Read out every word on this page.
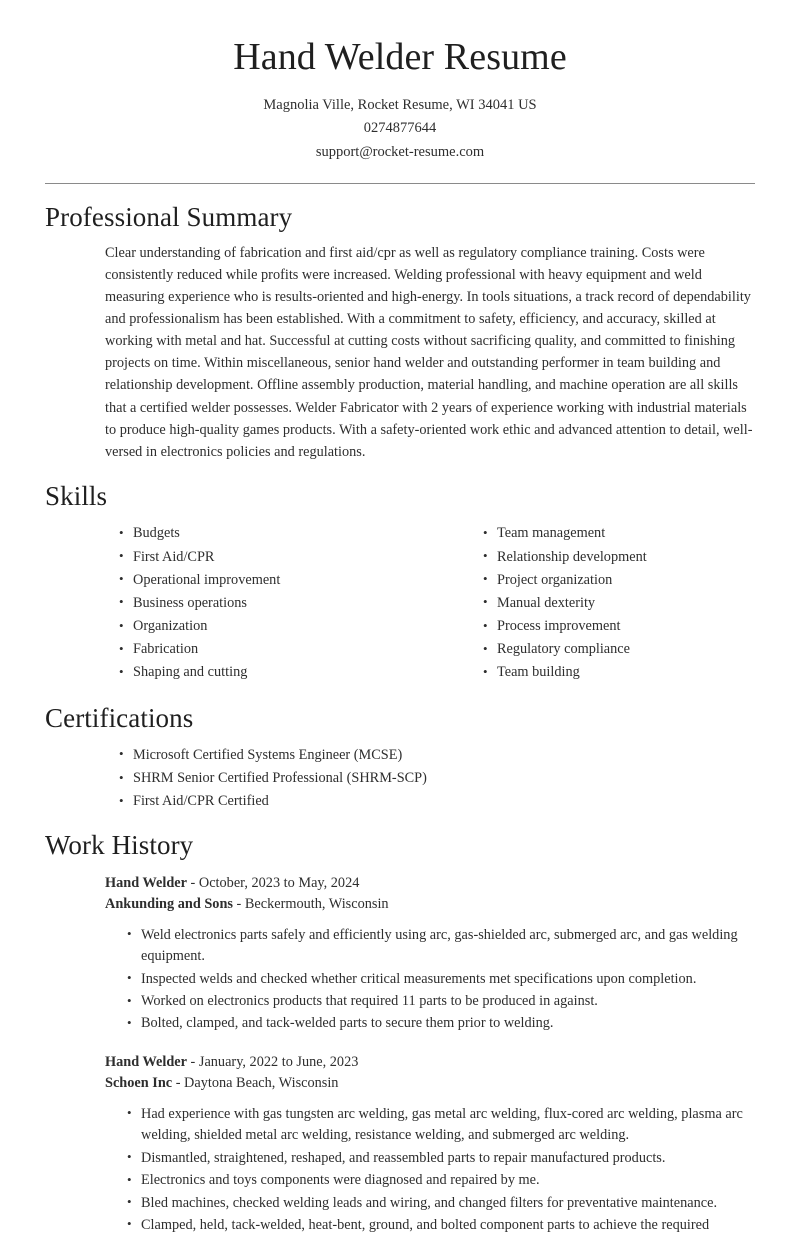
Hand Welder Resume
Magnolia Ville, Rocket Resume, WI 34041 US
0274877644
support@rocket-resume.com
Professional Summary

Clear understanding of fabrication and first aid/cpr as well as regulatory compliance training. Costs were consistently reduced while profits were increased. Welding professional with heavy equipment and weld measuring experience who is results-oriented and high-energy. In tools situations, a track record of dependability and professionalism has been established. With a commitment to safety, efficiency, and accuracy, skilled at working with metal and hat. Successful at cutting costs without sacrificing quality, and committed to finishing projects on time. Within miscellaneous, senior hand welder and outstanding performer in team building and relationship development. Offline assembly production, material handling, and machine operation are all skills that a certified welder possesses. Welder Fabricator with 2 years of experience working with industrial materials to produce high-quality games products. With a safety-oriented work ethic and advanced attention to detail, well-versed in electronics policies and regulations.

Skills
• Budgets
• First Aid/CPR
• Operational improvement
• Business operations
• Organization
• Fabrication
• Shaping and cutting
• Team management
• Relationship development
• Project organization
• Manual dexterity
• Process improvement
• Regulatory compliance
• Team building
Certifications
• Microsoft Certified Systems Engineer (MCSE)
• SHRM Senior Certified Professional (SHRM-SCP)
• First Aid/CPR Certified
Work History
Hand Welder - October, 2023 to May, 2024
Ankunding and Sons - Beckermouth, Wisconsin
• Weld electronics parts safely and efficiently using arc, gas-shielded arc, submerged arc, and gas welding equipment.
• Inspected welds and checked whether critical measurements met specifications upon completion.
• Worked on electronics products that required 11 parts to be produced in against.
• Bolted, clamped, and tack-welded parts to secure them prior to welding.
Hand Welder - January, 2022 to June, 2023
Schoen Inc - Daytona Beach, Wisconsin
• Had experience with gas tungsten arc welding, gas metal arc welding, flux-cored arc welding, plasma arc welding, shielded metal arc welding, resistance welding, and submerged arc welding.
• Dismantled, straightened, reshaped, and reassembled parts to repair manufactured products.
• Electronics and toys components were diagnosed and repaired by me.
• Bled machines, checked welding leads and wiring, and changed filters for preventative maintenance.
• Clamped, held, tack-welded, heat-bent, ground, and bolted component parts to achieve the required
